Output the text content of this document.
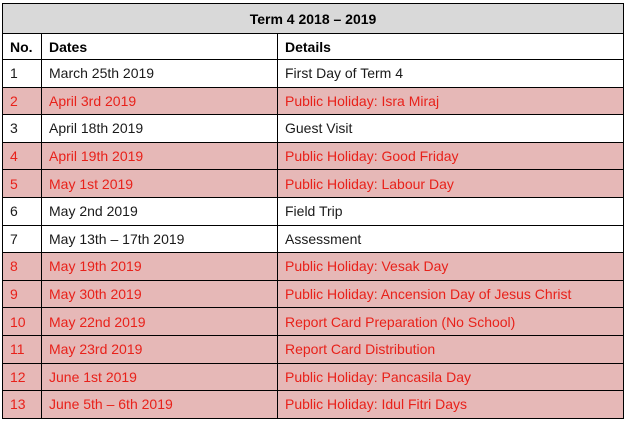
Term 4 2018 – 2019		
No.	Dates	Details
1	March 25th 2019	First Day of Term 4
2	April 3rd 2019	Public Holiday: Isra Miraj
3	April 18th 2019	Guest Visit
4	April 19th 2019	Public Holiday: Good Friday
5	May 1st 2019	Public Holiday: Labour Day
6	May 2nd 2019	Field Trip
7	May 13th – 17th 2019	Assessment
8	May 19th 2019	Public Holiday: Vesak Day
9	May 30th 2019	Public Holiday: Ancension Day of Jesus Christ
10	May 22nd 2019	Report Card Preparation (No School)
11	May 23rd 2019	Report Card Distribution
12	June 1st 2019	Public Holiday: Pancasila Day
13	June 5th – 6th 2019	Public Holiday: Idul Fitri Days
